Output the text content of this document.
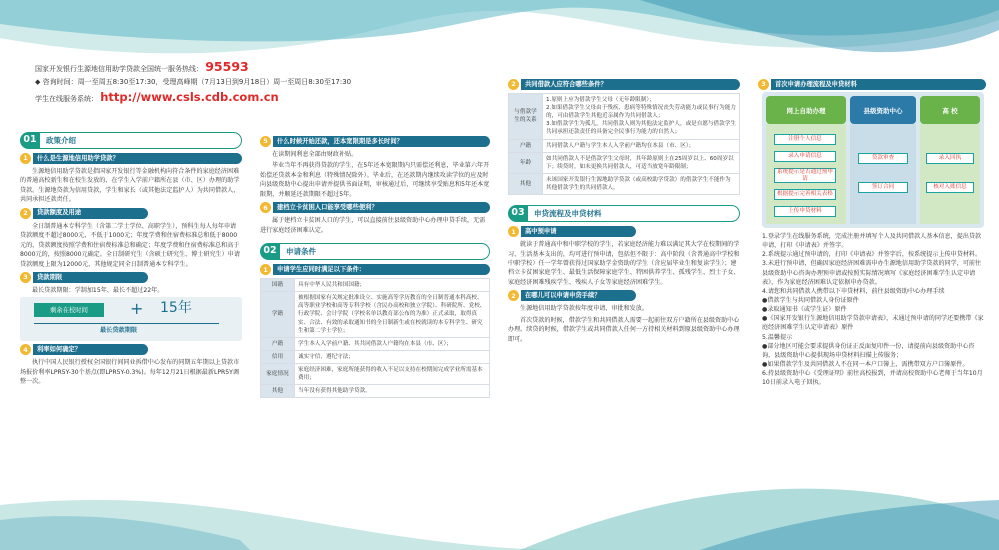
国家开发银行生源地信用助学贷款全国统一服务热线： 95593
◆ 咨询时间：周一至周五8:30至17:30，受理高峰期（7月13日到9月18日）周一至周日8:30至17:30
学生在线服务系统： http://www.csls.cdb.com.cn
01	政策介绍
1	什么是生源地信用助学贷款？

生源地信用助学贷款是指国家开发银行等金融机构向符合条件的家庭经济困难的普通高校新生和在校生发放的、在学生入学前户籍所在县（市、区）办理的助学贷款。生源地贷款为信用贷款，学生和家长（或其他法定监护人）为共同借款人，共同承担还款责任。

2	贷款额度及用途

全日制普通本专科学生（含第二学士学位、高职学生），预科生每人每年申请贷款额度不超过8000元，不低于1000元；年度学费和住宿费标准总和低于8000元的，贷款额度按照学费和住宿费标准总和确定；年度学费和住宿费标准总和高于8000元的，按照8000元确定。全日制研究生（含硕士研究生、博士研究生）申请贷款额度上限为12000元，其他规定同全日制普通本专科学生。

3	贷款期限

最长贷款期限：学制加15年、最长不超过22年。

剩余在校时间	+ 15年
最长贷款期限
4	利率如何确定？

执行中国人民银行授权全国银行间同业拆借中心发布的同期五年期以上贷款市场报价利率LPR5Y-30个基点(即LPR5Y-0.3%)。每年12月21日根据最新LPR5Y调整一次。

5	什么时候开始还款，还本宽限期是多长时间？

在读期间利息全部由财政补贴。

毕业当年不再获得贷款的学生，在5年还本宽限期内只需偿还利息，毕业第六年开始偿还贷款本金和利息（特殊情况除外）。毕业后，在还款期内继续攻读学位的应及时向县级资助中心提出申请并提供书面证明，审核通过后，可继续享受贴息和5年还本宽限期，并顺延还款期限不超过5年。

6	建档立卡贫困人口能享受哪些便利？

属于建档立卡贫困人口的学生，可以直接前往县级资助中心办理申贷手续，无需进行家庭经济困难认定。

02	申请条件
1	申请学生应同时满足以下条件：
国籍	具有中华人民共和国国籍；
学籍	被根据国家有关规定批准设立、实施高等学历教育的全日制普通本科高校、高等职业学校和高等专科学校（含民办高校和独立学院）、科研院所、党校、行政学院、会计学院（学校名单以教育部公布的为准）正式录取，取得真实、合法、有效的录取通知书的全日制新生或在校就读的本专科学生、研究生和第二学士学位；
户籍	学生本人入学前户籍、其共同借款人户籍均在本县（市、区）；
信用	诚实守信，遵纪守法；
家庭情况	家庭经济困难，家庭所能获得的收入不足以支持在校期间完成学业所需基本费用；
其他	当年没有获得其他助学贷款。
2	共同借款人应符合哪些条件？
与借款学生的关系	1.原则上应为借款学生父母（无年龄限制）；
2.如果借款学生父母由于残疾、患病等特殊情况丧失劳动能力或民事行为能力的，可由借款学生其他近亲属作为共同借款人；
3.如借款学生为孤儿，共同借款人则为其他法定监护人，或是自愿与借款学生共同承担还款责任的具备完全民事行为能力的自然人；
户籍	共同借款人户籍与学生本人入学前户籍均在本县（市、区）；
年龄	如共同借款人不是借款学生父母时，其年龄原则上在25周岁以上、60周岁以下；续贷时，如未更换共同借款人，可适当放宽年龄限制；
其他	未该国家开发银行生源地助学贷款（或高校助学贷款）的借款学生不能作为其他借款学生的共同借款人。
03	申贷流程及申贷材料
1	高中预申请

就读于普通高中和中职学校的学生，若家庭经济能力难以满足其大学在校期间的学习、生活基本支出的，均可进行预申请，包括但不限于：高中阶段（含普通高中学校和中职学校）任一学年曾获得过国家助学金资助的学生（含应届毕业生和复读学生）；建档立卡贫困家庭学生、最低生活保障家庭学生、特困供养学生、孤残学生、烈士子女、家庭经济困难残疾学生、残疾人子女等家庭经济困难学生。

2	在哪儿可以申请申贷手续？

生源地信用助学贷款按年度申请、审批和发放。

首次贷款的时候，借款学生和共同借款人需要一起前往双方户籍所在县级资助中心办理。续贷的时候，借款学生或共同借款人任何一方持相关材料到原县级资助中心办理即可。

3	首次申请办理流程及申贷材料
网上自助办理	县级资助中心	高 校
注册个人信息
录入申请信息
系统提示是否通过预申请
根据提示完善相关表格
上传申贷材料
贷款审查
签订合同
录入回执
核对入账信息
1.登录学生在线服务系统，完成注册并填写个人及共同借款人基本信息，提出贷款申请，打印《申请表》并签字。
2.系统提示通过预申请的，打印《申请表》并签字后，按系统提示上传申贷材料。
3.未进行预申请，但确因家庭经济困难需申办生源地信用助学贷款的同学，可前往县级资助中心咨询办理预申请或按照实际情况填写《家庭经济困难学生认定申请表》，作为家庭经济困难认定依据申办贷款。
4.请您和共同借款人携带以下申贷材料，前往县级资助中心办理手续
●借款学生与共同借款人身份证原件
●录取通知书（或学生证）原件
●《国家开发银行生源地信用助学贷款申请表》，未通过预申请的同学还要携带《家庭经济困难学生认定申请表》原件
5.温馨提示
●部分地区可能会要求提供身份证正反面复印件一份，请提前向县级资助中心咨询，县级资助中心提供现场申贷材料扫描上传服务；
●如果借款学生及共同借款人不在同一本户口簿上，需携带双方户口簿原件。
6.持县级资助中心《受理证明》前往高校报到，并请高校资助中心老师于当年10月10日前录入电子回执。
